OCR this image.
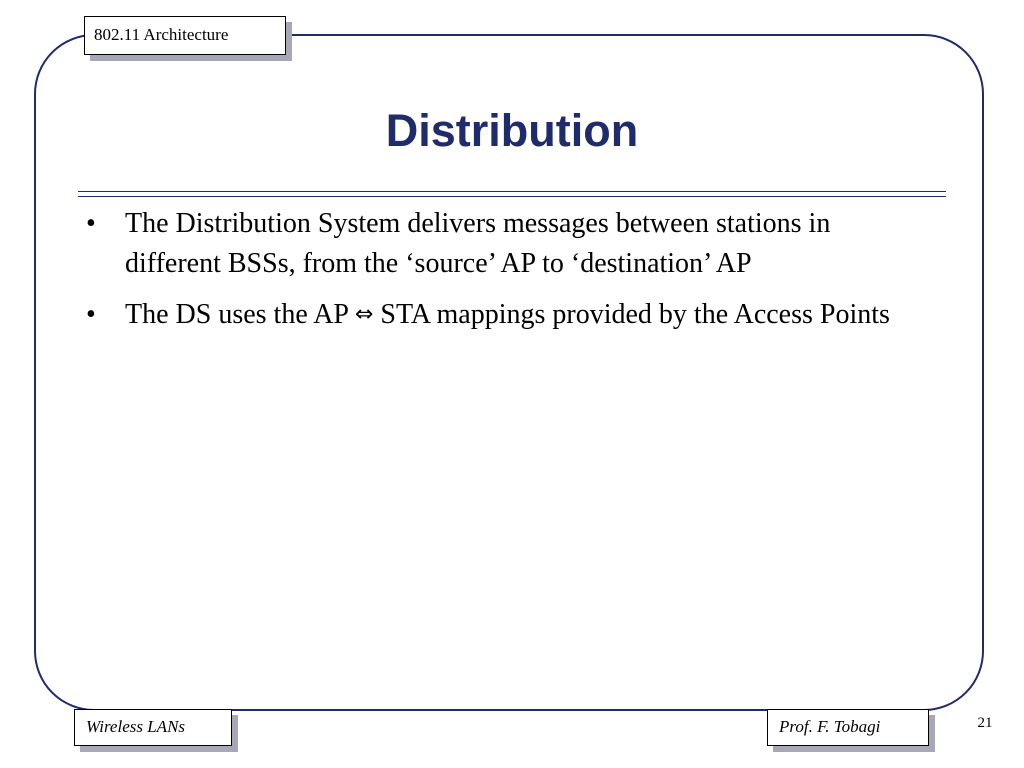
802.11 Architecture
Distribution
• The Distribution System delivers messages between stations in different BSSs, from the ‘source’ AP to ‘destination’ AP
• The DS uses the AP ⇔ STA mappings provided by the Access Points
Wireless LANs	Prof. F. Tobagi	21
